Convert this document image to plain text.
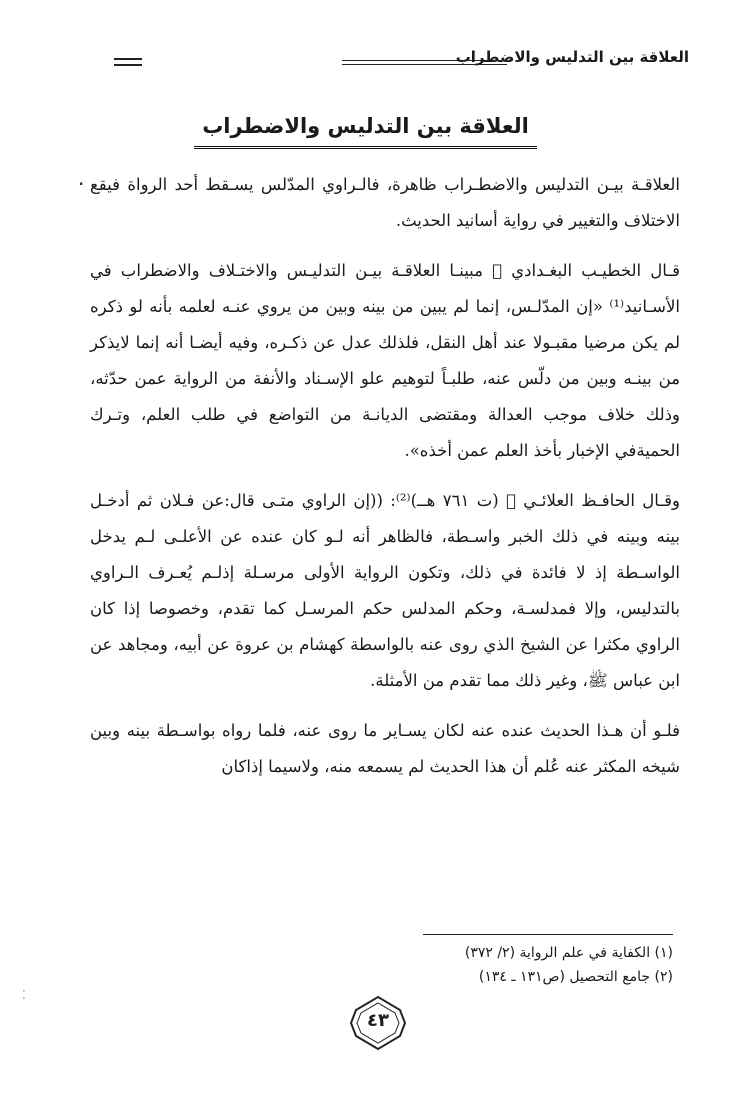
العلاقة بين التدليس والاضطراب
العلاقة بين التدليس والاضطراب
. العلاقـة بيـن التدليس والاضطـراب ظاهرة، فالـراوي المدّلس يسـقط أحد الرواة فيقع الاختلاف والتغيير في رواية أسانيد الحديث.

قـال الخطيـب البغـدادي ﷫ مبينـا العلاقـة بيـن التدليـس والاختـلاف والاضطراب في الأسـانيد⁽¹⁾ «إن المدّلـس، إنما لم يبين من بينه وبين من يروي عنـه لعلمه بأنه لو ذكره لم يكن مرضيا مقبـولا عند أهل النقل، فلذلك عدل عن ذكـره، وفيه أيضـا أنه إنما لايذكر من بينـه وبين من دلّس عنه، طلبـاً لتوهيم علو الإسـناد والأنفة من الرواية عمن حدّثه، وذلك خلاف موجب العدالة ومقتضى الديانـة من التواضع في طلب العلم، وتـرك الحميةفي الإخبار بأخذ العلم عمن أخذه».

وقـال الحافـظ العلائـي ﷫ (ت ٧٦١ هــ)⁽²⁾: ((إن الراوي متـى قال:عن فـلان ثم أدخـل بينه وبينه في ذلك الخبر واسـطة، فالظاهر أنه لـو كان عنده عن الأعلـى لـم يدخل الواسـطة إذ لا فائدة في ذلك، وتكون الرواية الأولى مرسـلة إذلـم يُعـرف الـراوي بالتدليس، وإلا فمدلسـة، وحكم المدلس حكم المرسـل كما تقدم، وخصوصا إذا كان الراوي مكثرا عن الشيخ الذي روى عنه بالواسطة كهشام بن عروة عن أبيه، ومجاهد عن ابن عباس ﷺ، وغير ذلك مما تقدم من الأمثلة.

فلـو أن هـذا الحديث عنده عنه لكان يسـاير ما روى عنه، فلما رواه بواسـطة بينه وبين شيخه المكثر عنه عُلم أن هذا الحديث لم يسمعه منه، ولاسيما إذاكان

(١) الكفاية في علم الرواية (٢/ ٣٧٢)
(٢) جامع التحصيل (ص١٣١ ـ ١٣٤)
٤٣
⁚
